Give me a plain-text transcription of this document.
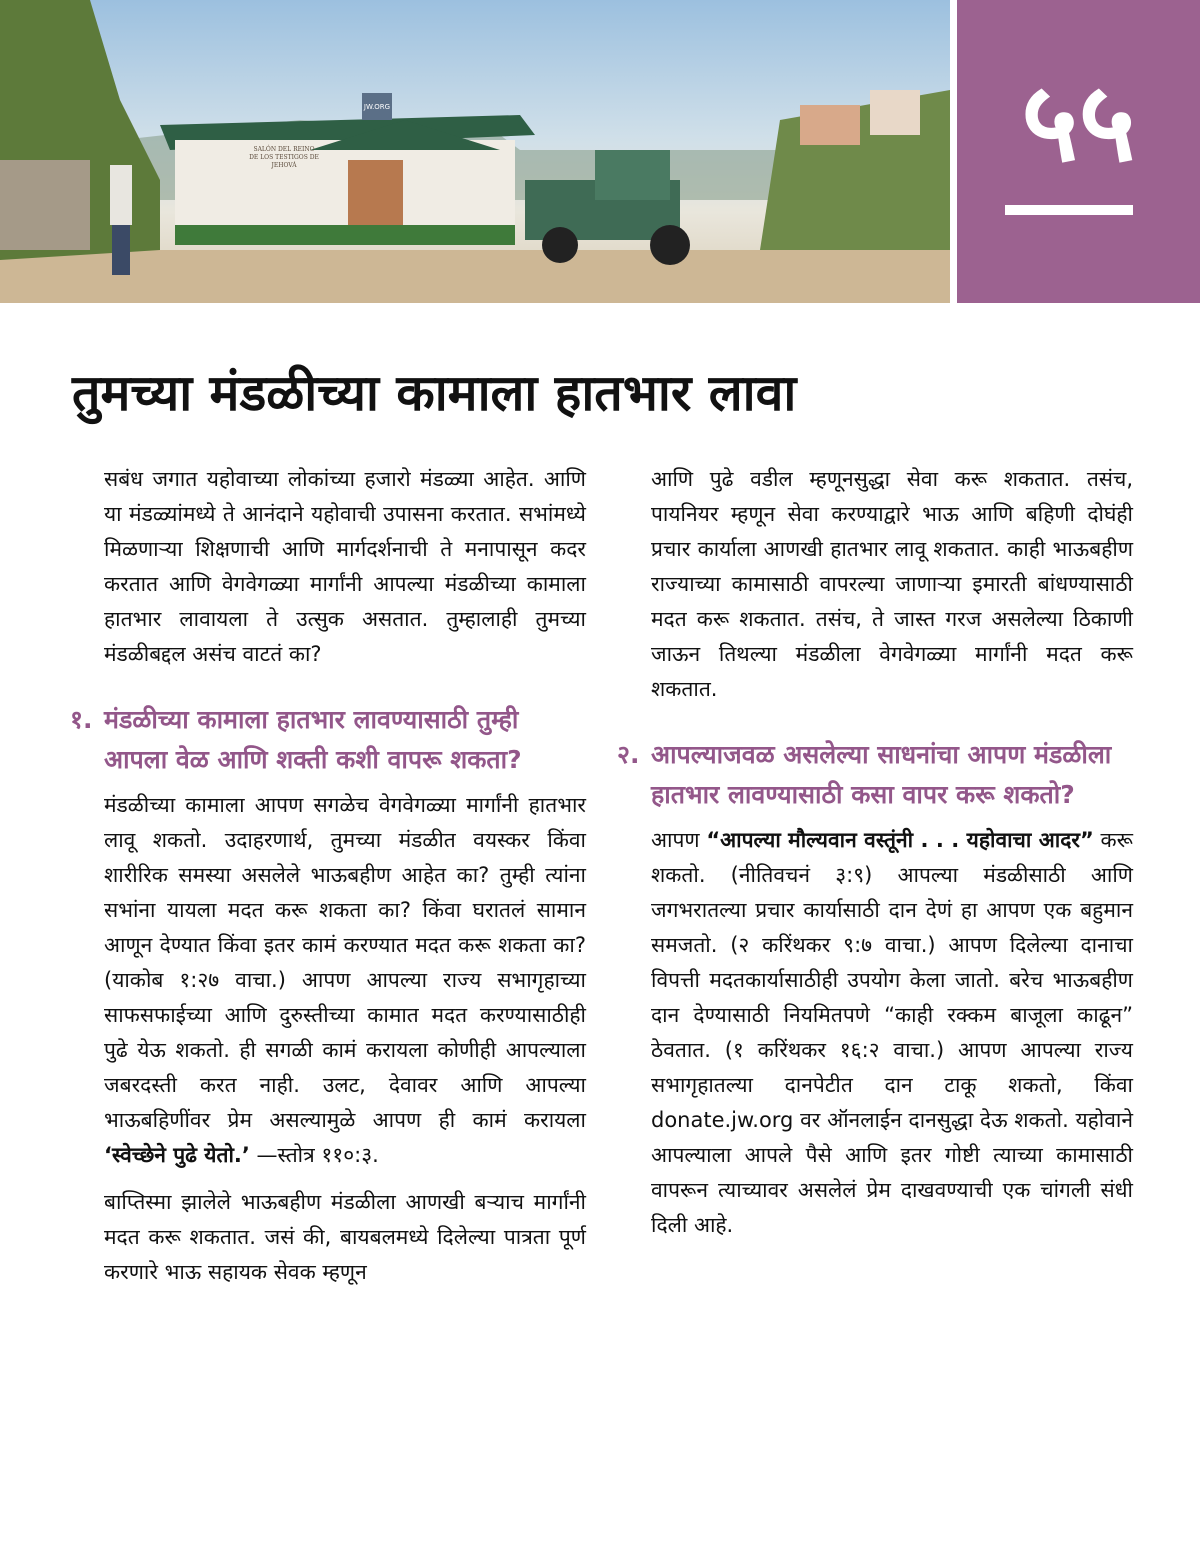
JW.ORG
SALÓN DEL REINO DE LOS TESTIGOS DE JEHOVÁ	५५
तुमच्या मंडळीच्या कामाला हातभार लावा

सबंध जगात यहोवाच्या लोकांच्या हजारो मंडळ्या आहेत. आणि या मंडळ्यांमध्ये ते आनंदाने यहोवाची उपासना करतात. सभांमध्ये मिळणाऱ्या शिक्षणाची आणि मार्गदर्शनाची ते मनापासून कदर करतात आणि वेगवेगळ्या मार्गांनी आपल्या मंडळीच्या कामाला हातभार लावायला ते उत्सुक असतात. तुम्हालाही तुमच्या मंडळीबद्दल असंच वाटतं का?

१. मंडळीच्या कामाला हातभार लावण्यासाठी तुम्ही आपला वेळ आणि शक्ती कशी वापरू शकता?

मंडळीच्या कामाला आपण सगळेच वेगवेगळ्या मार्गांनी हातभार लावू शकतो. उदाहरणार्थ, तुमच्या मंडळीत वयस्कर किंवा शारीरिक समस्या असलेले भाऊबहीण आहेत का? तुम्ही त्यांना सभांना यायला मदत करू शकता का? किंवा घरातलं सामान आणून देण्यात किंवा इतर कामं करण्यात मदत करू शकता का? (याकोब १:२७ वाचा.) आपण आपल्या राज्य सभागृहाच्या साफसफाईच्या आणि दुरुस्तीच्या कामात मदत करण्यासाठीही पुढे येऊ शकतो. ही सगळी कामं करायला कोणीही आपल्याला जबरदस्ती करत नाही. उलट, देवावर आणि आपल्या भाऊबहिणींवर प्रेम असल्यामुळे आपण ही कामं करायला ‘स्वेच्छेने पुढे येतो.’ —स्तोत्र ११०:३.

बाप्तिस्मा झालेले भाऊबहीण मंडळीला आणखी बऱ्याच मार्गांनी मदत करू शकतात. जसं की, बायबलमध्ये दिलेल्या पात्रता पूर्ण करणारे भाऊ सहायक सेवक म्हणून

आणि पुढे वडील म्हणूनसुद्धा सेवा करू शकतात. तसंच, पायनियर म्हणून सेवा करण्याद्वारे भाऊ आणि बहिणी दोघंही प्रचार कार्याला आणखी हातभार लावू शकतात. काही भाऊबहीण राज्याच्या कामासाठी वापरल्या जाणाऱ्या इमारती बांधण्यासाठी मदत करू शकतात. तसंच, ते जास्त गरज असलेल्या ठिकाणी जाऊन तिथल्या मंडळीला वेगवेगळ्या मार्गांनी मदत करू शकतात.

२. आपल्याजवळ असलेल्या साधनांचा आपण मंडळीला हातभार लावण्यासाठी कसा वापर करू शकतो?

आपण “आपल्या मौल्यवान वस्तूंनी . . . यहोवाचा आदर” करू शकतो. (नीतिवचनं ३:९) आपल्या मंडळीसाठी आणि जगभरातल्या प्रचार कार्यासाठी दान देणं हा आपण एक बहुमान समजतो. (२ करिंथकर ९:७ वाचा.) आपण दिलेल्या दानाचा विपत्ती मदतकार्यासाठीही उपयोग केला जातो. बरेच भाऊबहीण दान देण्यासाठी नियमितपणे “काही रक्कम बाजूला काढून” ठेवतात. (१ करिंथकर १६:२ वाचा.) आपण आपल्या राज्य सभागृहातल्या दानपेटीत दान टाकू शकतो, किंवा donate.jw.org वर ऑनलाईन दानसुद्धा देऊ शकतो. यहोवाने आपल्याला आपले पैसे आणि इतर गोष्टी त्याच्या कामासाठी वापरून त्याच्यावर असलेलं प्रेम दाखवण्याची एक चांगली संधी दिली आहे.
